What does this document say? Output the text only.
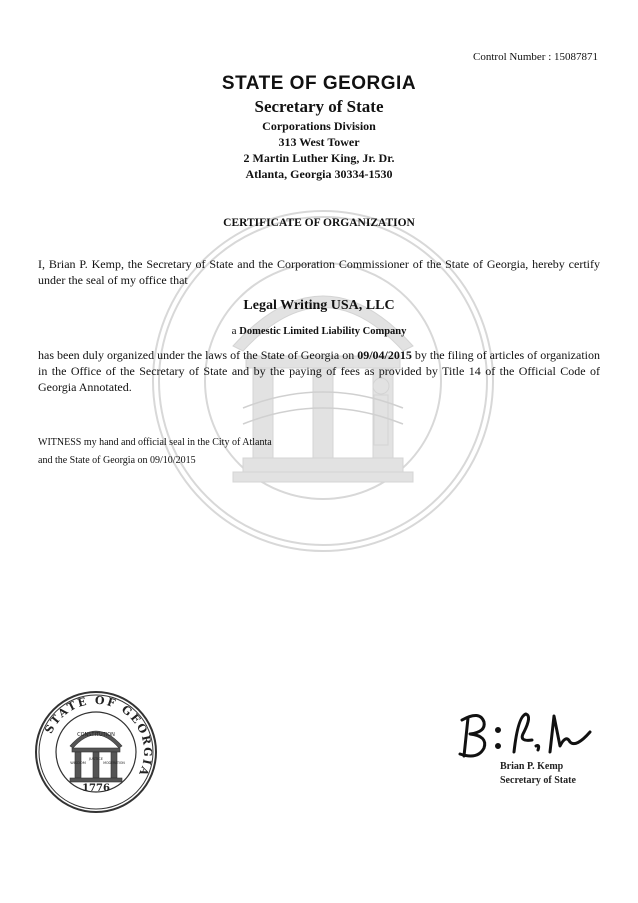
Control Number : 15087871
STATE OF GEORGIA
Secretary of State
Corporations Division
313 West Tower
2 Martin Luther King, Jr. Dr.
Atlanta, Georgia 30334-1530
CERTIFICATE OF ORGANIZATION
I, Brian P. Kemp, the Secretary of State and the Corporation Commissioner of the State of Georgia, hereby certify under the seal of my office that
Legal Writing USA, LLC
a Domestic Limited Liability Company
has been duly organized under the laws of the State of Georgia on 09/04/2015 by the filing of articles of organization in the Office of the Secretary of State and by the paying of fees as provided by Title 14 of the Official Code of Georgia Annotated.
WITNESS my hand and official seal in the City of Atlanta
and the State of Georgia on 09/10/2015
STATE OF GEORGIA
CONSTITUTION
WISDOM
JUSTICE
MODERATION
1776
Brian P. Kemp
Secretary of State
